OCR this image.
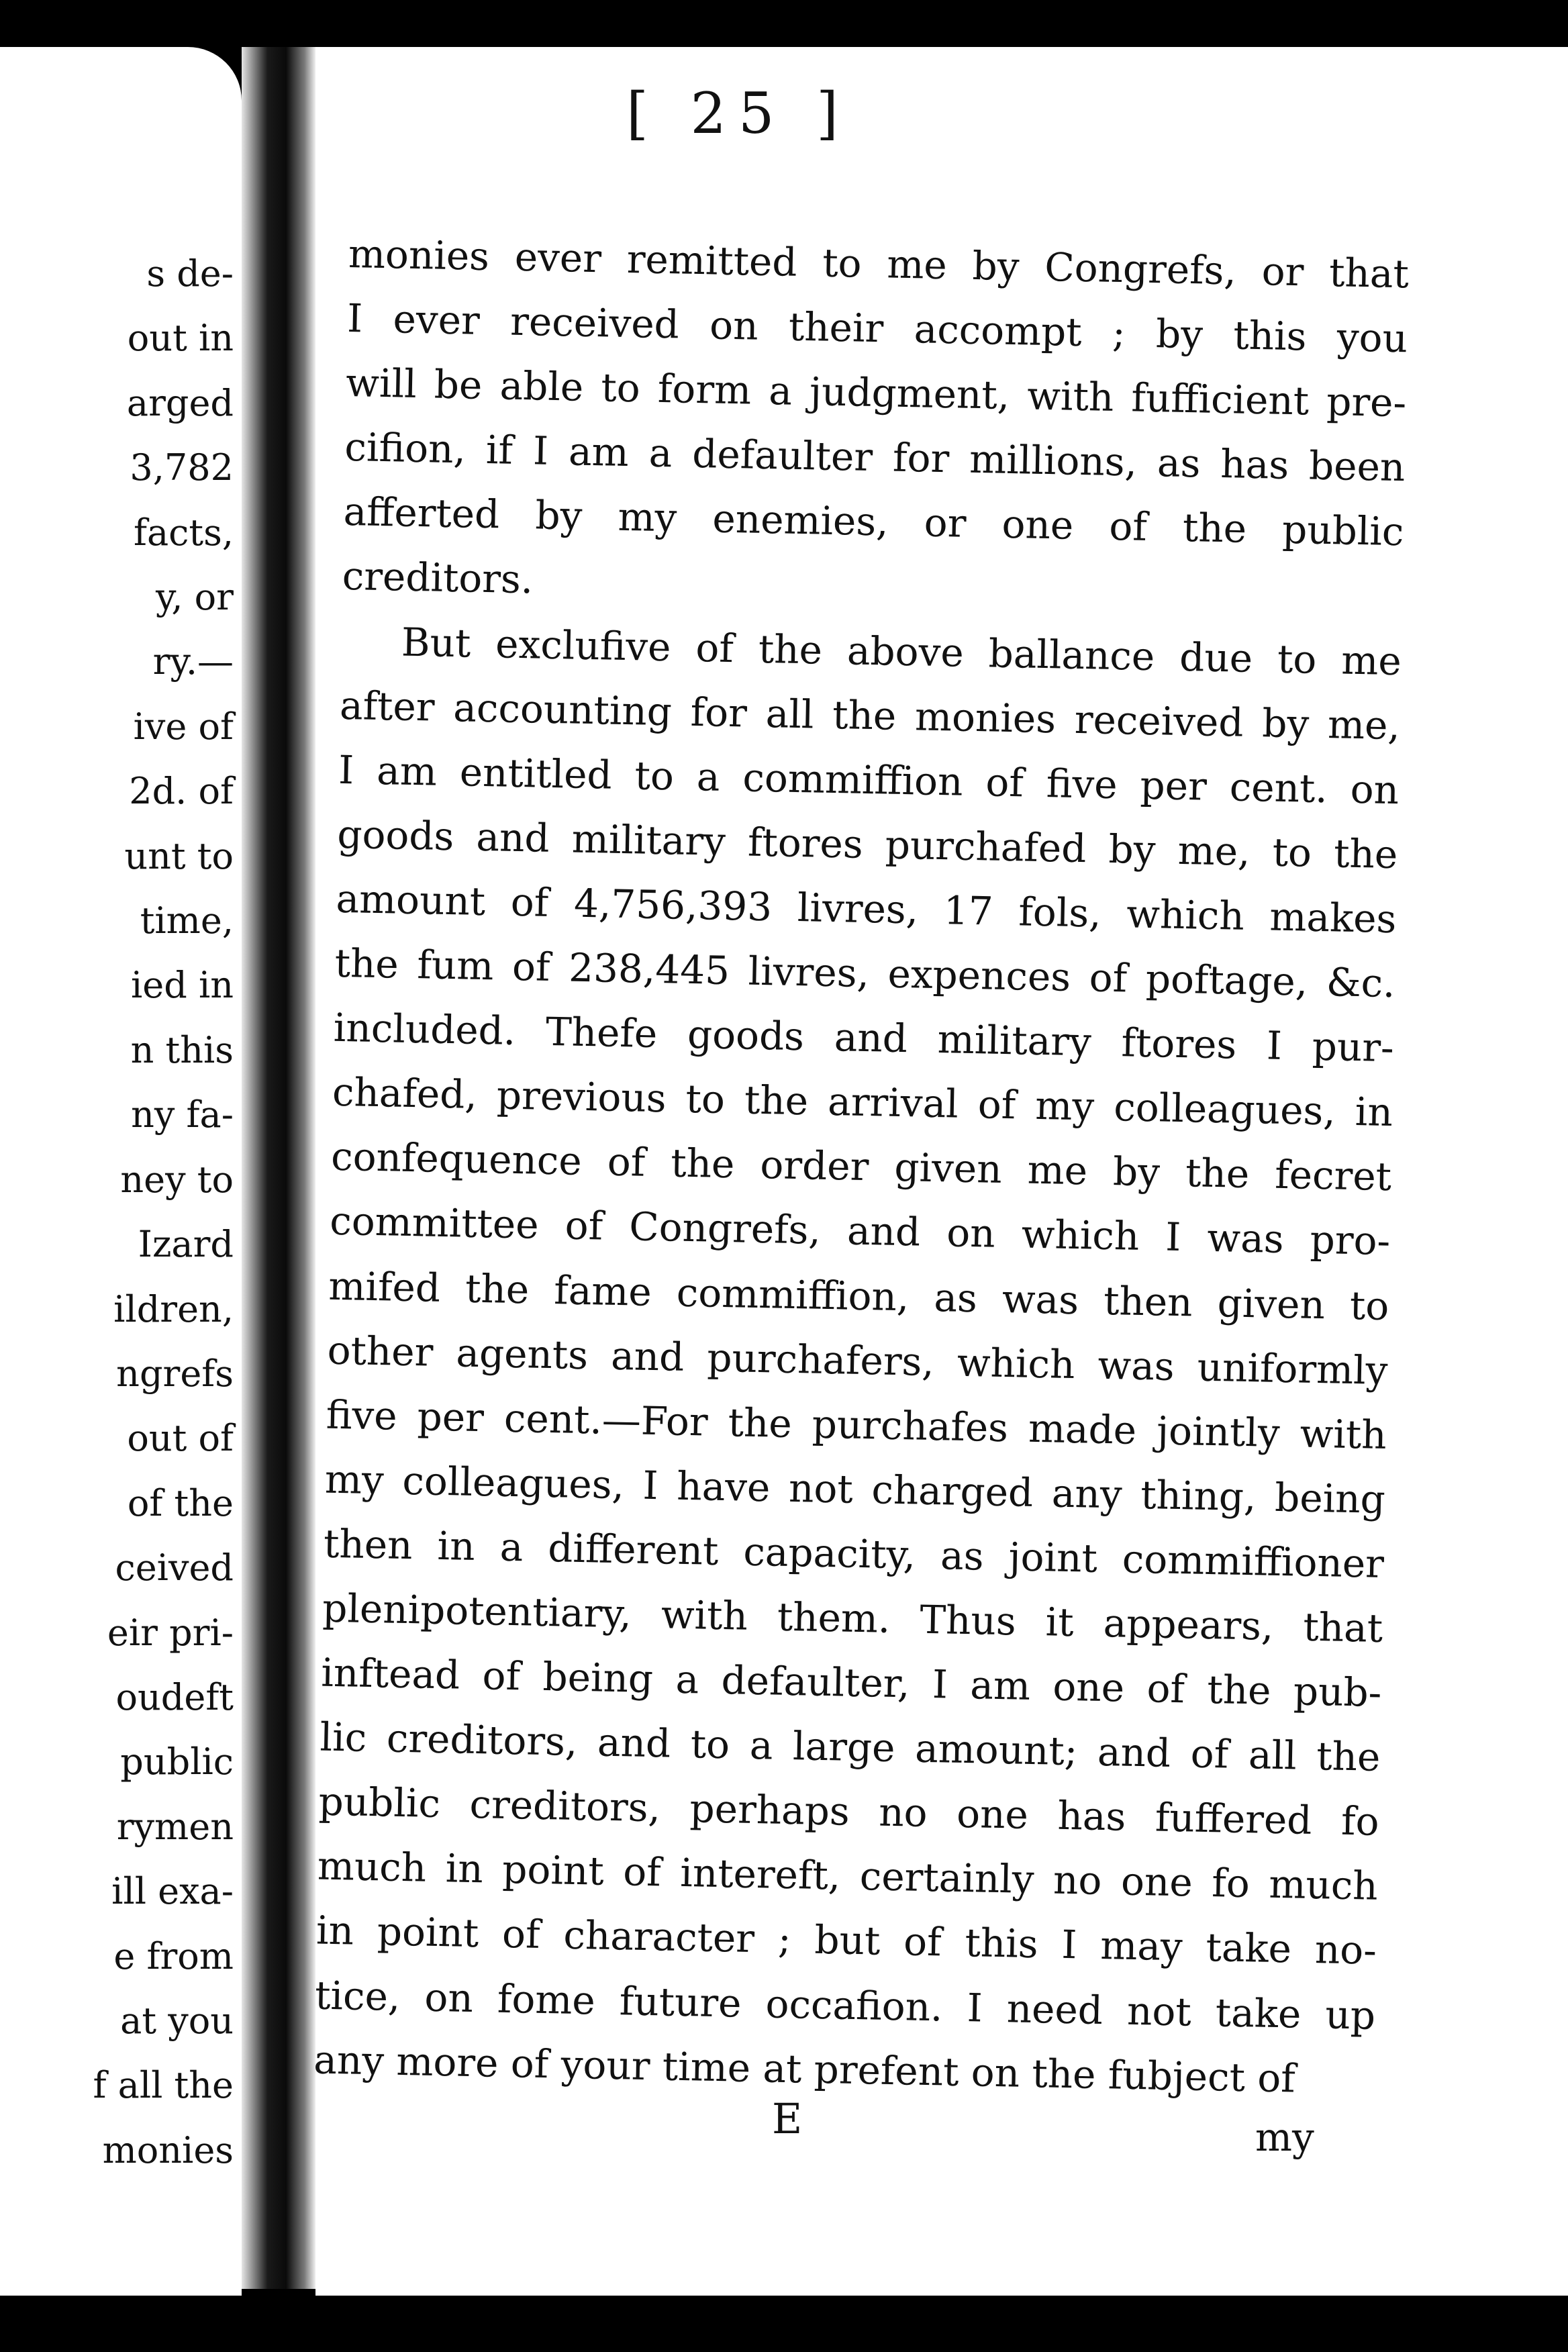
s de-
out in
arged
3,782
facts,
y, or
ry.—
ive of
2d. of
unt to
time,
ied in
n this
ny fa-
ney to
Izard
ildren,
ngrefs
out of
of the
ceived
eir pri-
oudeft
public
rymen
ill exa-
e from
at you
f all the
monies
[ 25 ]
monies ever remitted to me by Congrefs, or that
I ever received on their accompt ; by this you
will be able to form a judgment, with fufficient pre-
cifion, if I am a defaulter for millions, as has been
afferted by my enemies, or one of the public
creditors.
But exclufive of the above ballance due to me
after accounting for all the monies received by me,
I am entitled to a commiffion of five per cent. on
goods and military ftores purchafed by me, to the
amount of 4,756,393 livres, 17 fols, which makes
the fum of 238,445 livres, expences of poftage, &c.
included. Thefe goods and military ftores I pur-
chafed, previous to the arrival of my colleagues, in
confequence of the order given me by the fecret
committee of Congrefs, and on which I was pro-
mifed the fame commiffion, as was then given to
other agents and purchafers, which was uniformly
five per cent.—For the purchafes made jointly with
my colleagues, I have not charged any thing, being
then in a different capacity, as joint commiffioner
plenipotentiary, with them. Thus it appears, that
inftead of being a defaulter, I am one of the pub-
lic creditors, and to a large amount; and of all the
public creditors, perhaps no one has fuffered fo
much in point of intereft, certainly no one fo much
in point of character ; but of this I may take no-
tice, on fome future occafion. I need not take up
any more of your time at prefent on the fubject of
E	my
